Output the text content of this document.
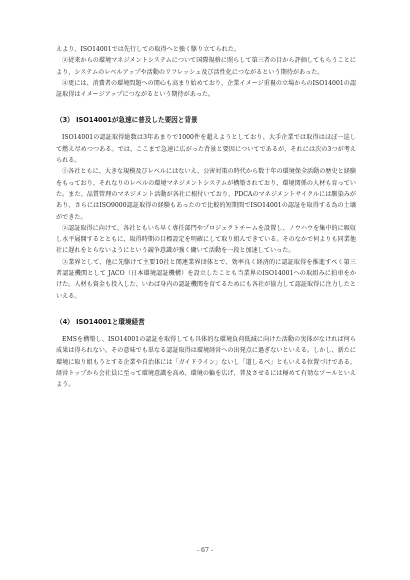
えより、ISO14001では先行しての取得へと強く駆り立てられた。

②従来からの環境マネジメントシステムについて国際規格に照らして第三者の目から評価してもらうことにより、システムのレベルアップや活動のリフレッシュ及び活性化につながるという期待があった。

④更には、消費者の環境問題への関心も高まり始めており、企業イメージ重視の立場からのISO14001の認証取得はイメージアップにつながるという期待があった。

（3） ISO14001が急速に普及した要因と背景

ISO14001の認証取得総数は3年あまりで1000件を超えようとしており、大手企業では取得はほぼ一巡して燃え尽めつつある。では、ここまで急速に広がった背景と要因についてであるが、それには次の3つが考えられる。

①各社ともに、大きな規模及びレベルにはないえ、公害対策の時代から数十年の環境保全活動の歴史と経験をもっており、それなりのレベルの環境マネジメントシステムが構築されており、環境関係の人材も育っていた。また、品質管理のマネジメント活動が各社に根付いており、PDCAのマネジメントサイクルには馴染みがあり、さらにはISO9000認証取得の経験もあったので比較的短期間でISO14001の認証を取得する為の土壌ができた。

②認証取得に向けて、各社ともいち早く専任部門やプロジェクトチームを設置し、ノウハウを集中的に吸収し水平展開するとともに、取得時期の目標設定を明確にして取り組んできている。そのなかで何よりも同業他社に遅れをとらないようにという競争意識が強く働いて活動を一段と加速していった。

③業界として、他に先駆けて主要10社と関連業界団体とで、効率良く経済的に認証取得を推進すべく第三者認証機関として JACO（日本環境認証機構）を設立したことも当業界のISO14001への取組みに拍車をかけた。人材も資金も投入した、いわば身内の認証機関を育てるためにも各社が協力して認証取得に注力したといえる。

（4） ISO14001と環境経営

EMSを構築し、ISO14001の認証を取得しても具体的な環境負荷低減に向けた活動の実体がなければ何ら成果は得られない。その意味でも単なる認証取得は環境経営への出発点に過ぎないといえる。しかし、新たに環境に取り組もうとする企業や自治体には「ガイドライン」ないし「道しるべ」ともいえる位置づけである。経営トップから会社員に至って環境意識を高め、環境の輪を広げ、普及させるには極めて有効なツールといえよう。

- 67 -
